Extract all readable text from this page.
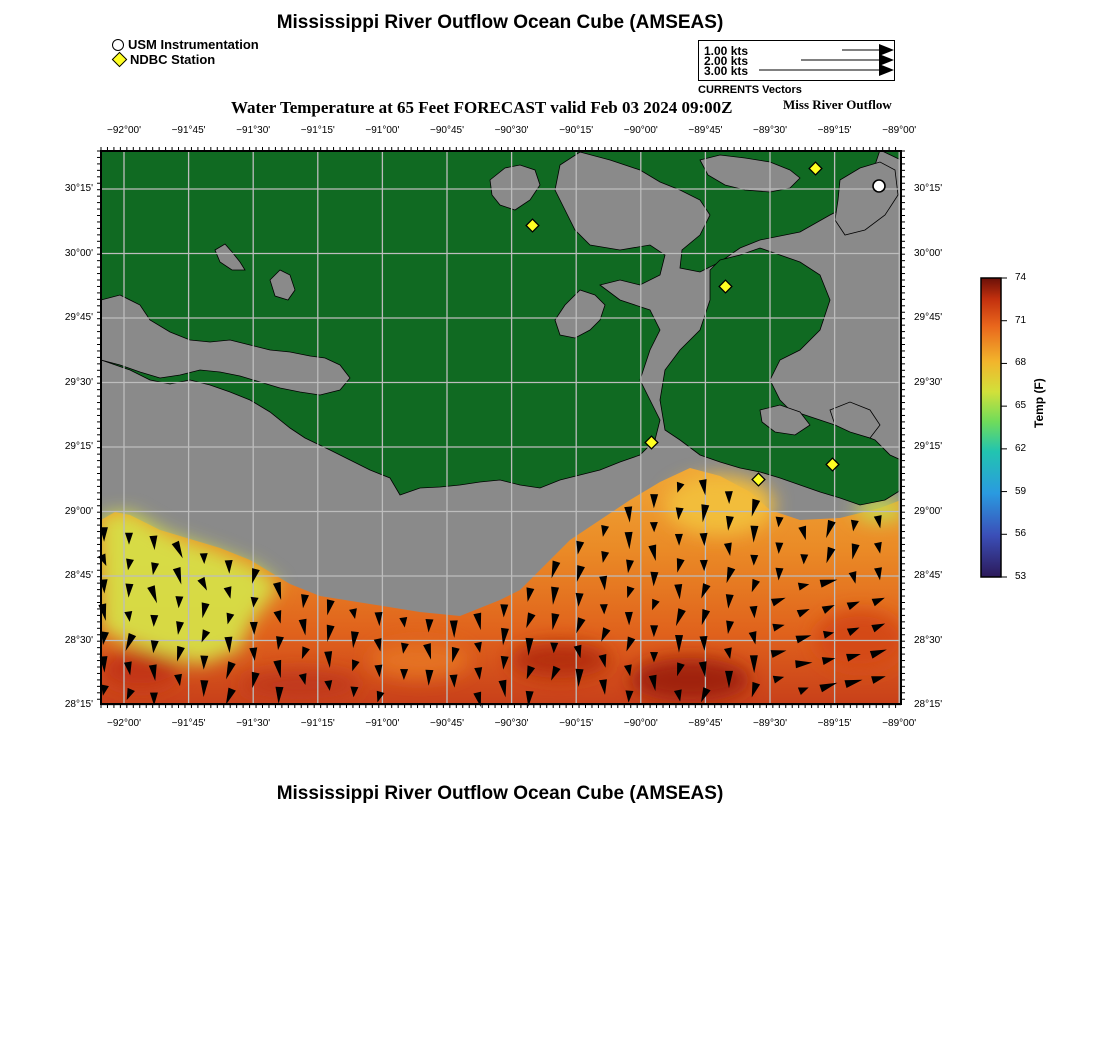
Mississippi River Outflow Ocean Cube (AMSEAS)
USM Instrumentation
NDBC Station
1.00 kts
2.00 kts
3.00 kts
CURRENTS Vectors
Water Temperature at 65 Feet FORECAST valid Feb 03 2024 09:00Z	Miss River Outflow
−92°00'	−91°45'	−91°30'	−91°15'	−91°00'	−90°45'	−90°30'	−90°15'	−90°00'	−89°45'	−89°30'	−89°15'	−89°00'
−92°00'	−91°45'	−91°30'	−91°15'	−91°00'	−90°45'	−90°30'	−90°15'	−90°00'	−89°45'	−89°30'	−89°15'	−89°00'
30°15'
30°00'
29°45'
29°30'
29°15'
29°00'
28°45'
28°30'
28°15'
30°15'
30°00'
29°45'
29°30'
29°15'
29°00'
28°45'
28°30'
28°15'
74
71
68
65
62
59
56
53
Temp (F)
Mississippi River Outflow Ocean Cube (AMSEAS)
